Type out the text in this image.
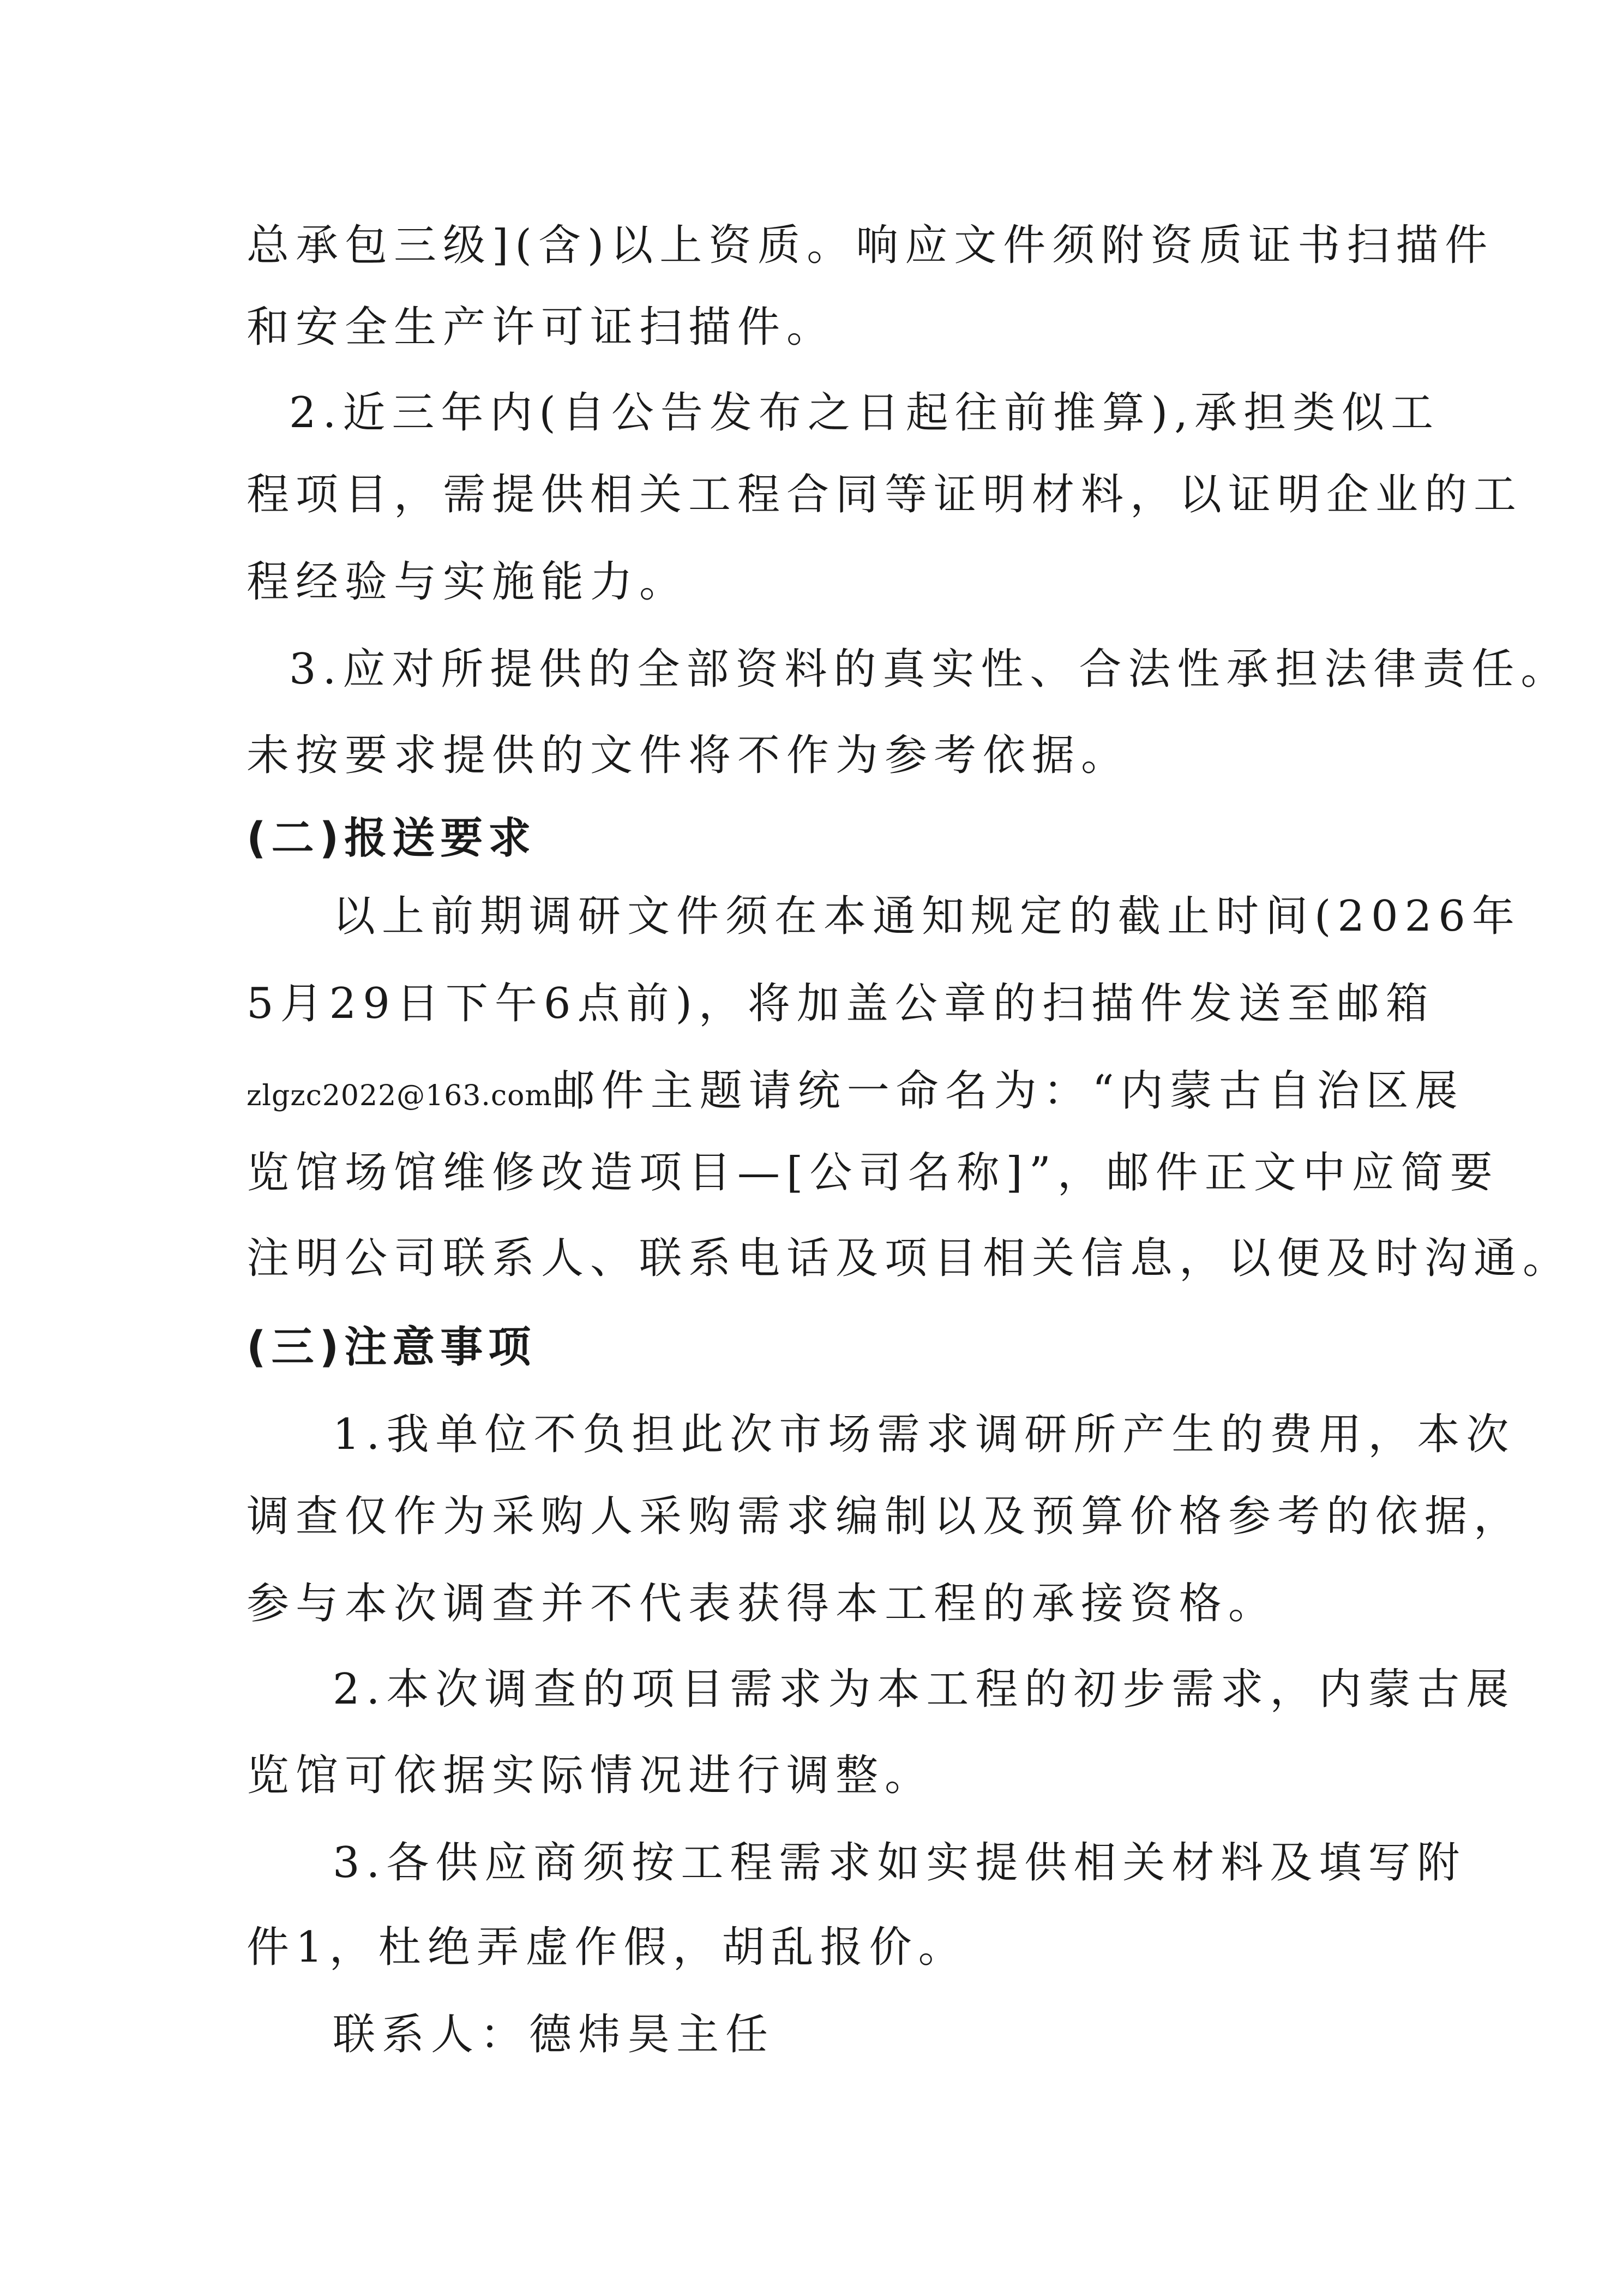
总承包三级](含)以上资质。响应文件须附资质证书扫描件
和安全生产许可证扫描件。
2.近三年内(自公告发布之日起往前推算),承担类似工
程项目，需提供相关工程合同等证明材料，以证明企业的工
程经验与实施能力。
3.应对所提供的全部资料的真实性、合法性承担法律责任。
未按要求提供的文件将不作为参考依据。
(二)报送要求
以上前期调研文件须在本通知规定的截止时间(2026年
5月29日下午6点前)，将加盖公章的扫描件发送至邮箱
zlgzc2022@163.com邮件主题请统一命名为：“内蒙古自治区展
览馆场馆维修改造项目—[公司名称]”，邮件正文中应简要
注明公司联系人、联系电话及项目相关信息，以便及时沟通。
(三)注意事项
1.我单位不负担此次市场需求调研所产生的费用，本次
调查仅作为采购人采购需求编制以及预算价格参考的依据，
参与本次调查并不代表获得本工程的承接资格。
2.本次调查的项目需求为本工程的初步需求，内蒙古展
览馆可依据实际情况进行调整。
3.各供应商须按工程需求如实提供相关材料及填写附
件1，杜绝弄虚作假，胡乱报价。
联系人：德炜昊主任
